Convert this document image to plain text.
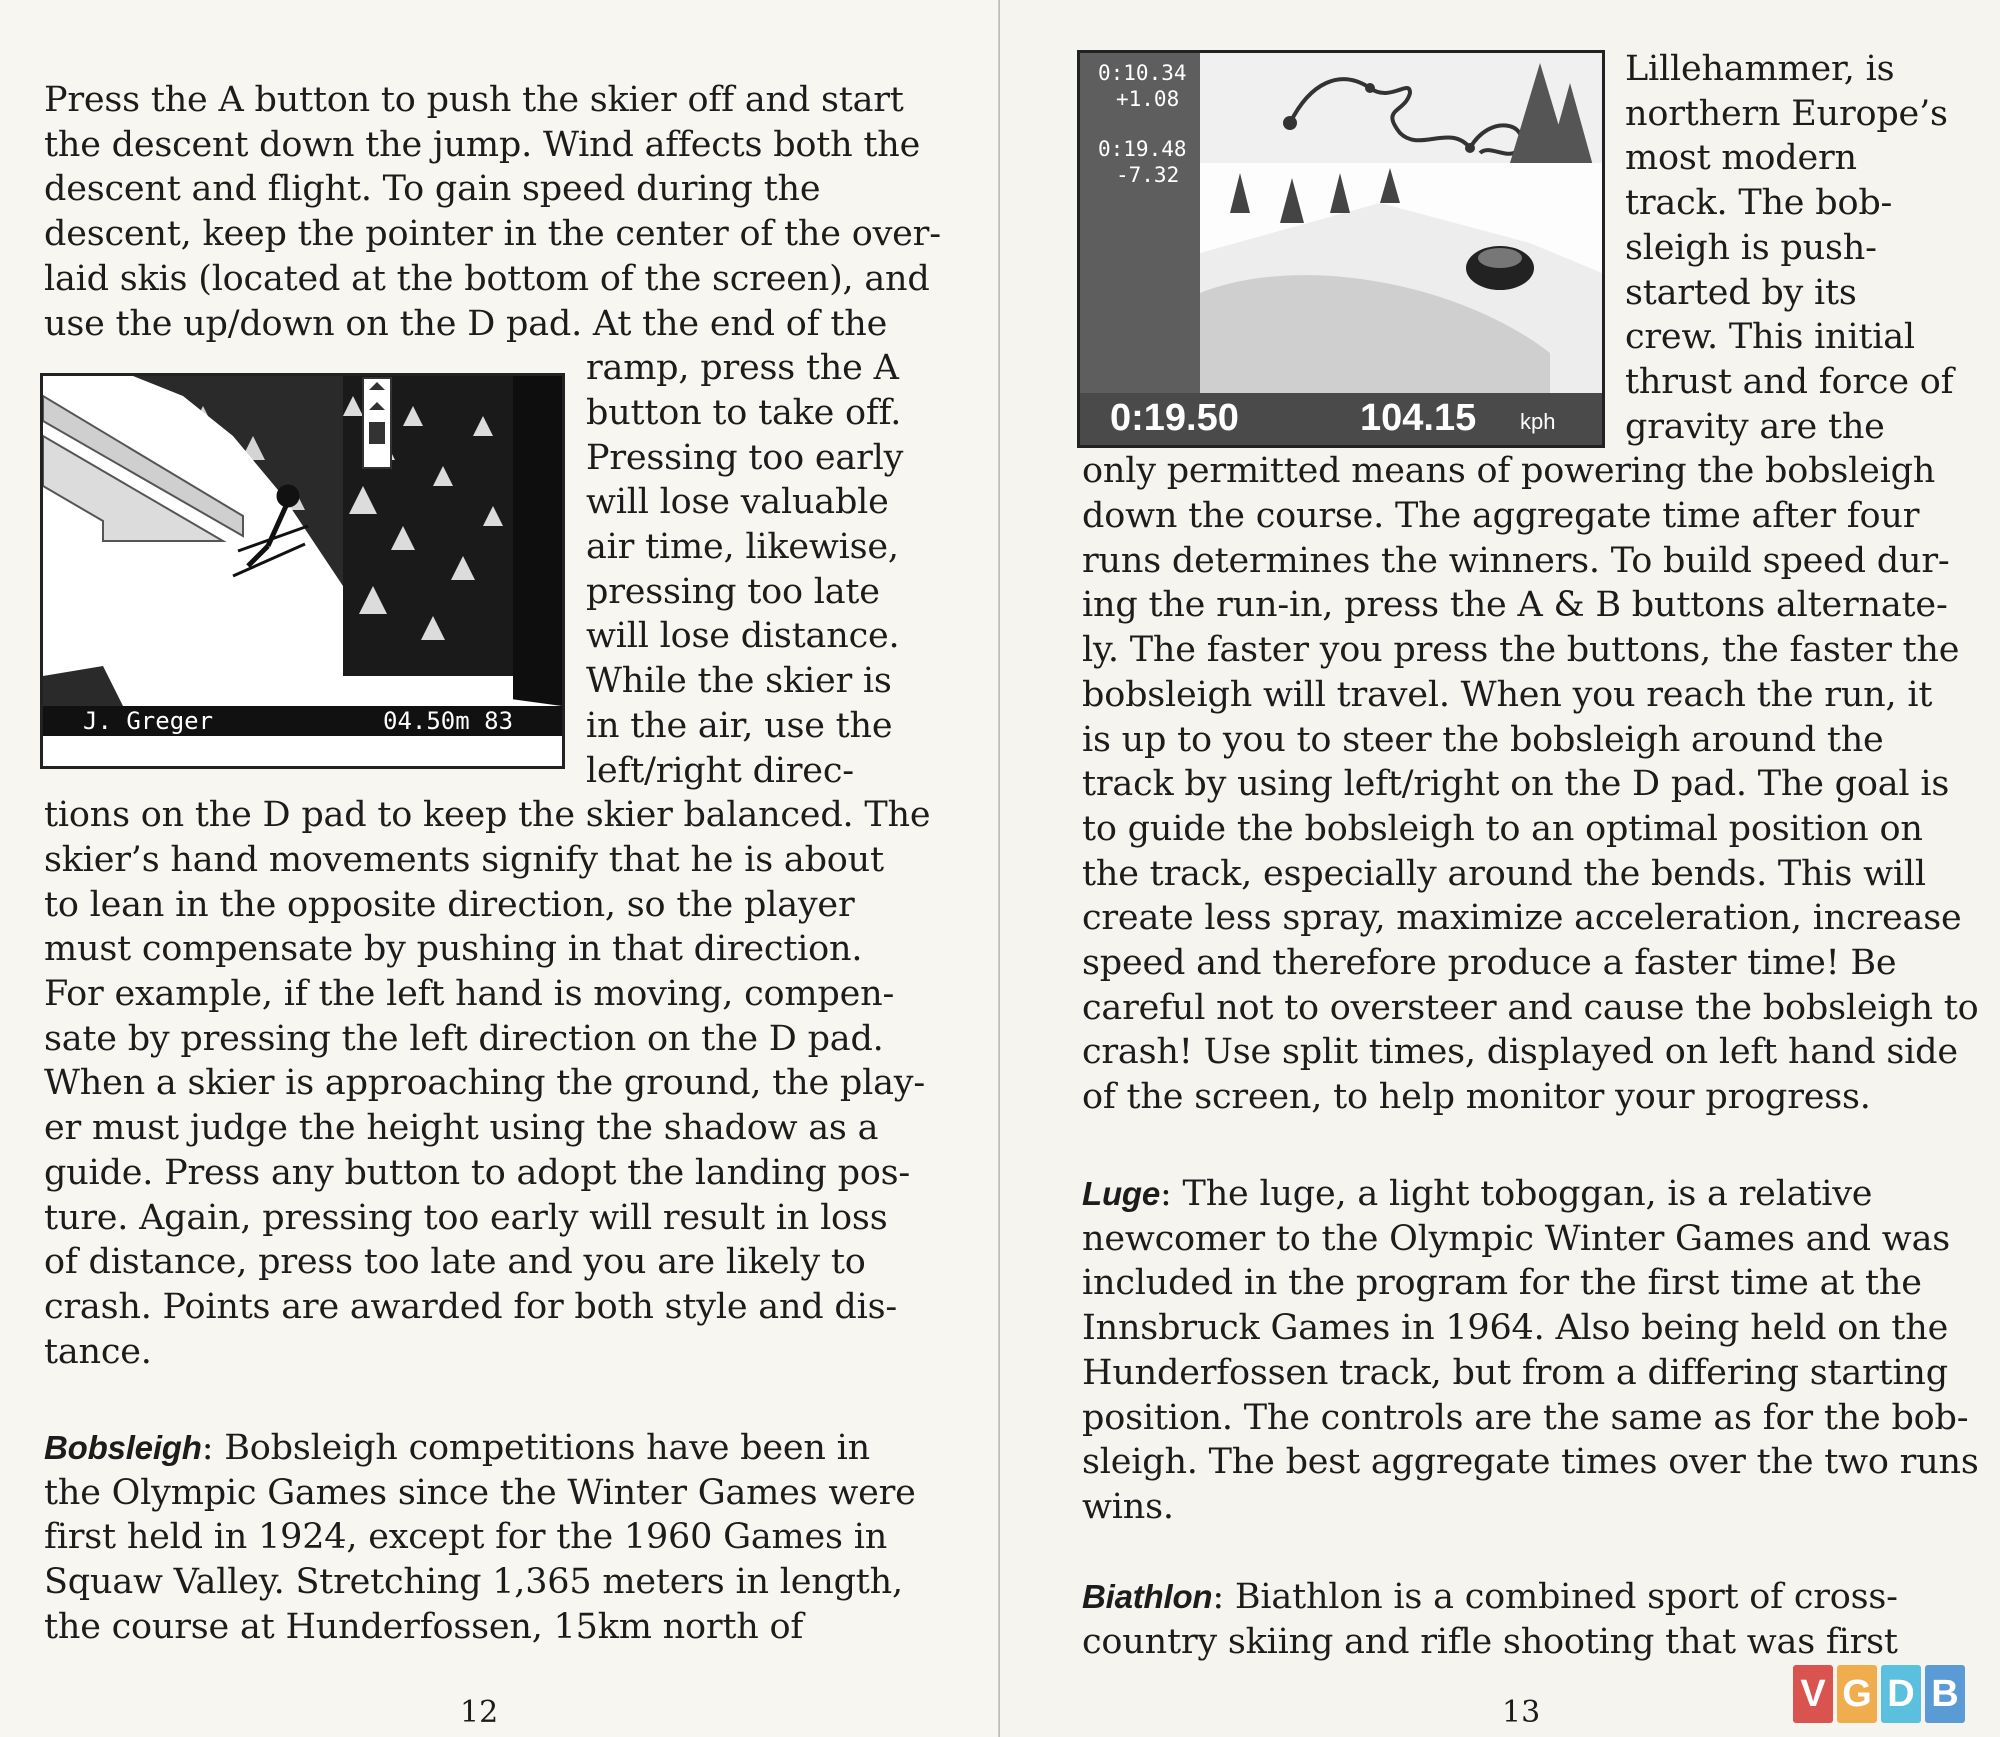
Press the A button to push the skier off and start
the descent down the jump. Wind affects both the
descent and flight. To gain speed during the
descent, keep the pointer in the center of the over-
laid skis (located at the bottom of the screen), and
use the up/down on the D pad. At the end of the
ramp, press the A
button to take off.
Pressing too early
will lose valuable
air time, likewise,
pressing too late
will lose distance.
While the skier is
in the air, use the
left/right direc-
tions on the D pad to keep the skier balanced. The
skier’s hand movements signify that he is about
to lean in the opposite direction, so the player
must compensate by pushing in that direction.
For example, if the left hand is moving, compen-
sate by pressing the left direction on the D pad.
When a skier is approaching the ground, the play-
er must judge the height using the shadow as a
guide. Press any button to adopt the landing pos-
ture. Again, pressing too early will result in loss
of distance, press too late and you are likely to
crash. Points are awarded for both style and dis-
tance.
Bobsleigh: Bobsleigh competitions have been in
the Olympic Games since the Winter Games were
first held in 1924, except for the 1960 Games in
Squaw Valley. Stretching 1,365 meters in length,
the course at Hunderfossen, 15km north of
J. Greger	04.50m 83
12
Lillehammer, is
northern Europe’s
most modern
track. The bob-
sleigh is push-
started by its
crew. This initial
thrust and force of
gravity are the
only permitted means of powering the bobsleigh
down the course. The aggregate time after four
runs determines the winners. To build speed dur-
ing the run-in, press the A & B buttons alternate-
ly. The faster you press the buttons, the faster the
bobsleigh will travel. When you reach the run, it
is up to you to steer the bobsleigh around the
track by using left/right on the D pad. The goal is
to guide the bobsleigh to an optimal position on
the track, especially around the bends. This will
create less spray, maximize acceleration, increase
speed and therefore produce a faster time! Be
careful not to oversteer and cause the bobsleigh to
crash! Use split times, displayed on left hand side
of the screen, to help monitor your progress.
Luge: The luge, a light toboggan, is a relative
newcomer to the Olympic Winter Games and was
included in the program for the first time at the
Innsbruck Games in 1964. Also being held on the
Hunderfossen track, but from a differing starting
position. The controls are the same as for the bob-
sleigh. The best aggregate times over the two runs
wins.
Biathlon: Biathlon is a combined sport of cross-
country skiing and rifle shooting that was first
13
0:10.34
+1.08
0:19.48
-7.32
0:19.50	104.15 kph
V G D B
